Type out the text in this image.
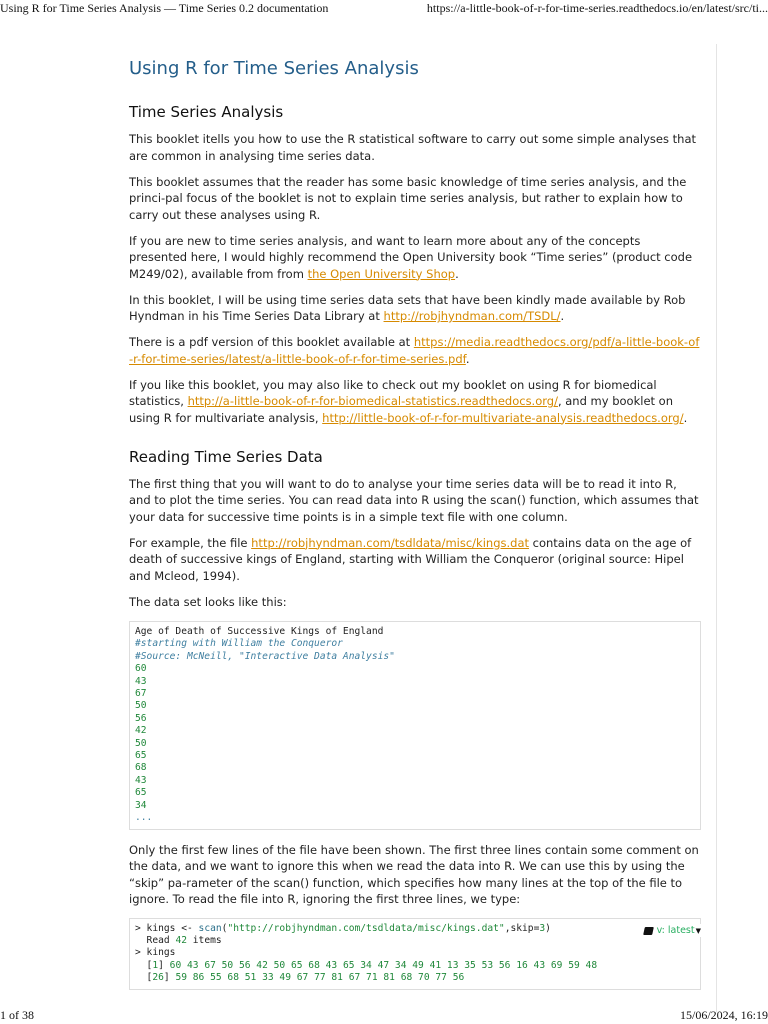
Using R for Time Series Analysis — Time Series 0.2 documentation	https://a-little-book-of-r-for-time-series.readthedocs.io/en/latest/src/ti...
Using R for Time Series Analysis
Time Series Analysis

This booklet itells you how to use the R statistical software to carry out some simple analyses that are common in analysing time series data.

This booklet assumes that the reader has some basic knowledge of time series analysis, and the princi-pal focus of the booklet is not to explain time series analysis, but rather to explain how to carry out these analyses using R.

If you are new to time series analysis, and want to learn more about any of the concepts presented here, I would highly recommend the Open University book “Time series” (product code M249/02), available from from the Open University Shop.

In this booklet, I will be using time series data sets that have been kindly made available by Rob Hyndman in his Time Series Data Library at http://robjhyndman.com/TSDL/.

There is a pdf version of this booklet available at https://media.readthedocs.org/pdf/a-little-book-of-r-for-time-series/latest/a-little-book-of-r-for-time-series.pdf.

If you like this booklet, you may also like to check out my booklet on using R for biomedical statistics, http://a-little-book-of-r-for-biomedical-statistics.readthedocs.org/, and my booklet on using R for multivariate analysis, http://little-book-of-r-for-multivariate-analysis.readthedocs.org/.

Reading Time Series Data

The first thing that you will want to do to analyse your time series data will be to read it into R, and to plot the time series. You can read data into R using the scan() function, which assumes that your data for successive time points is in a simple text file with one column.

For example, the file http://robjhyndman.com/tsdldata/misc/kings.dat contains data on the age of death of successive kings of England, starting with William the Conqueror (original source: Hipel and Mcleod, 1994).

The data set looks like this:

Age of Death of Successive Kings of England
#starting with William the Conqueror
#Source: McNeill, "Interactive Data Analysis"
60
43
67
50
56
42
50
65
68
43
65
34
...

Only the first few lines of the file have been shown. The first three lines contain some comment on the data, and we want to ignore this when we read the data into R. We can use this by using the “skip” pa-rameter of the scan() function, which specifies how many lines at the top of the file to ignore. To read the file into R, ignoring the first three lines, we type:

> kings <- scan("http://robjhyndman.com/tsdldata/misc/kings.dat",skip=3)
Read 42 items
> kings
[1] 60 43 67 50 56 42 50 65 68 43 65 34 47 34 49 41 13 35 53 56 16 43 69 59 48
[26] 59 86 55 68 51 33 49 67 77 81 67 71 81 68 70 77 56
v: latest▼
1 of 38	15/06/2024, 16:19
